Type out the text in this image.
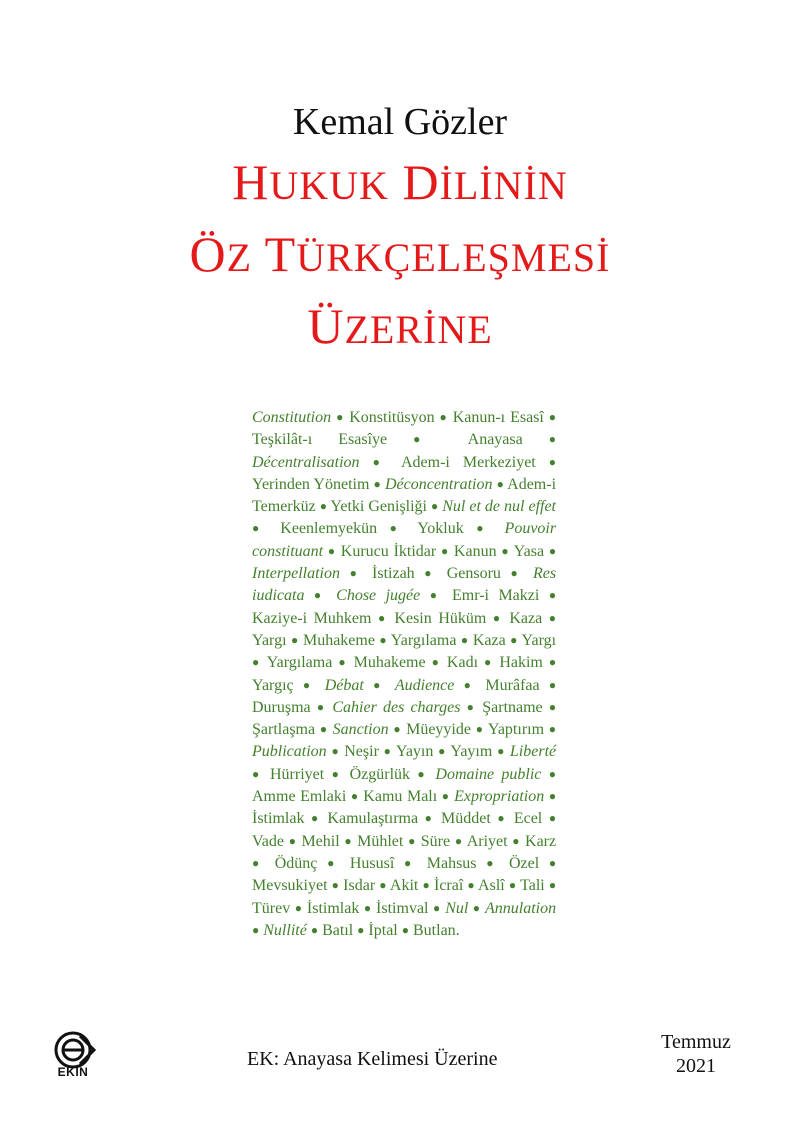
Kemal Gözler
HUKUK DİLİNİN
ÖZ TÜRKÇELEŞMESİ
ÜZERİNE
Constitution ● Konstitüsyon ● Kanun-ı Esasî ● Teşkilât-ı Esasîye ● Anayasa ● Décentralisation ● Adem-i Merkeziyet ● Yerinden Yönetim ● Déconcentration ● Adem-i Temerküz ● Yetki Genişliği ● Nul et de nul effet ● Keenlemyekün ● Yokluk ● Pouvoir constituant ● Kurucu İktidar ● Kanun ● Yasa ● Interpellation ● İstizah ● Gensoru ● Res iudicata ● Chose jugée ● Emr-i Makzi ● Kaziye-i Muhkem ● Kesin Hüküm ● Kaza ● Yargı ● Muhakeme ● Yargılama ● Kaza ● Yargı ● Yargılama ● Muhakeme ● Kadı ● Hakim ● Yargıç ● Débat ● Audience ● Murâfaa ● Duruşma ● Cahier des charges ● Şartname ● Şartlaşma ● Sanction ● Müeyyide ● Yaptırım ● Publication ● Neşir ● Yayın ● Yayım ● Liberté ● Hürriyet ● Özgürlük ● Domaine public ● Amme Emlaki ● Kamu Malı ● Expropriation ● İstimlak ● Kamulaştırma ● Müddet ● Ecel ● Vade ● Mehil ● Mühlet ● Süre ● Ariyet ● Karz ● Ödünç ● Hususî ● Mahsus ● Özel ● Mevsukiyet ● Isdar ● Akit ● İcraî ● Aslî ● Tali ● Türev ● İstimlak ● İstimval ● Nul ● Annulation ● Nullité ● Batıl ● İptal ● Butlan.
EKİN
EK: Anayasa Kelimesi Üzerine
Temmuz
2021
